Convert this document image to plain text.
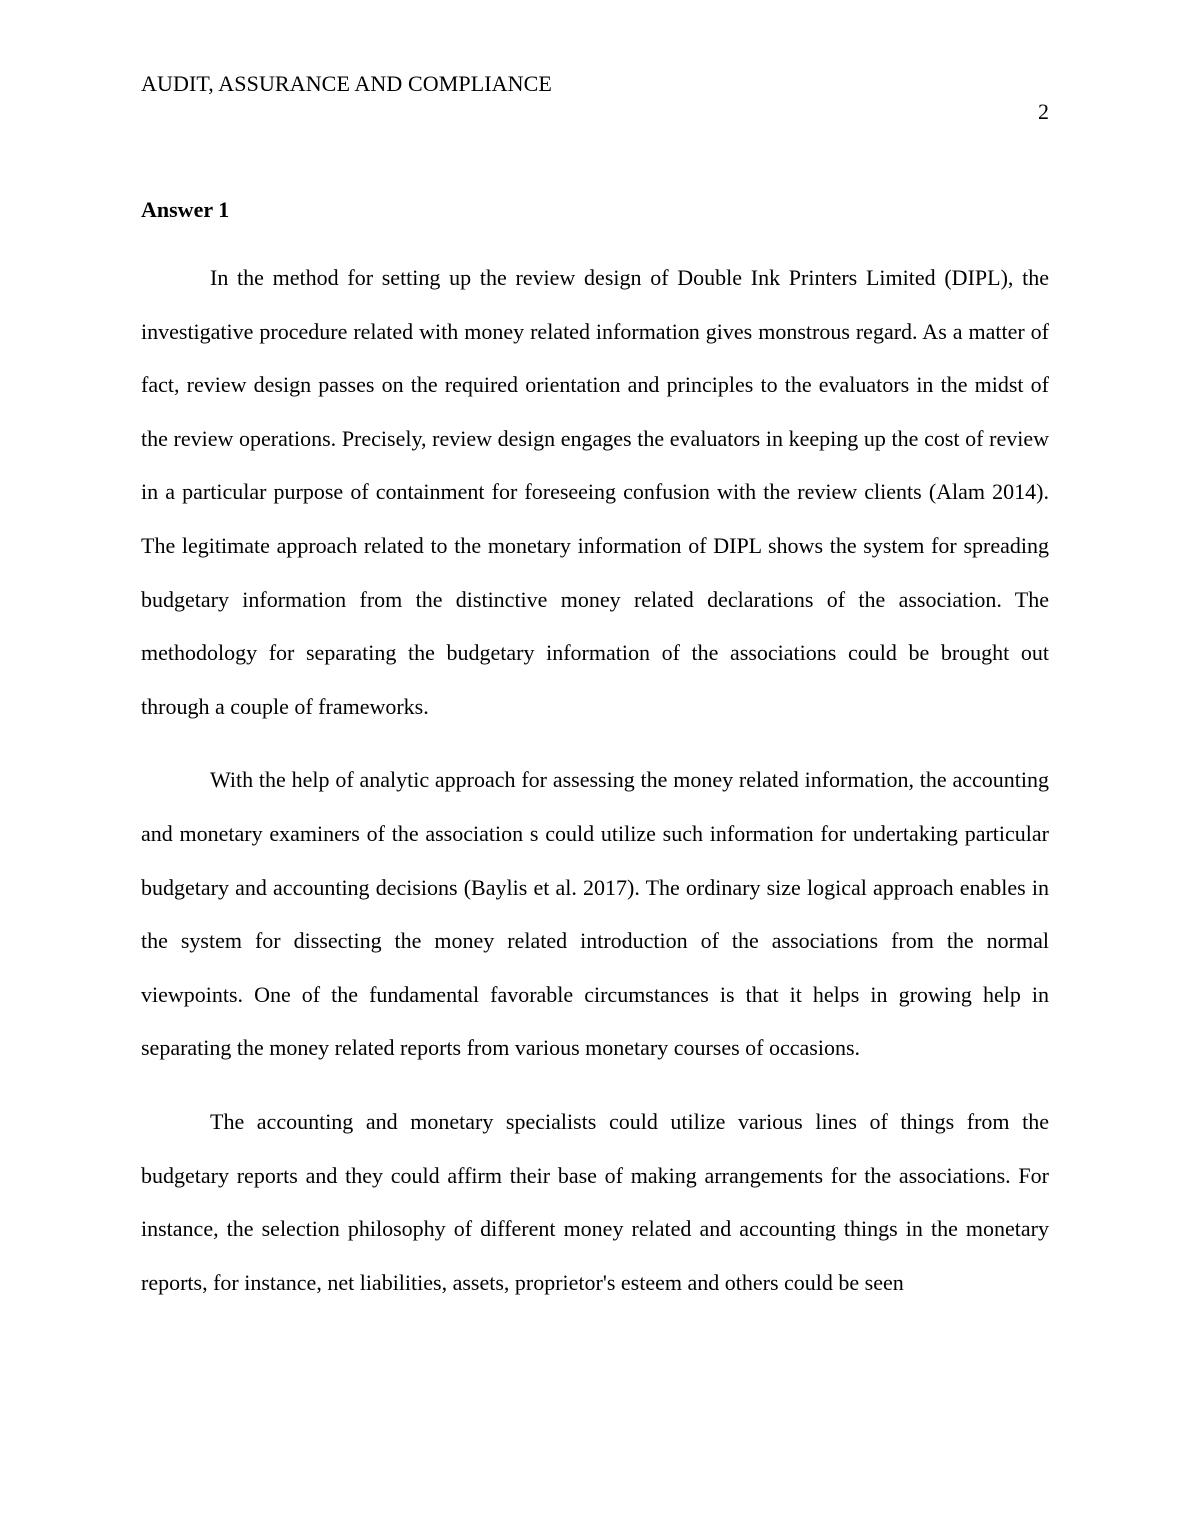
AUDIT, ASSURANCE AND COMPLIANCE
2
Answer 1

In the method for setting up the review design of Double Ink Printers Limited (DIPL), the investigative procedure related with money related information gives monstrous regard. As a matter of fact, review design passes on the required orientation and principles to the evaluators in the midst of the review operations. Precisely, review design engages the evaluators in keeping up the cost of review in a particular purpose of containment for foreseeing confusion with the review clients (Alam 2014). The legitimate approach related to the monetary information of DIPL shows the system for spreading budgetary information from the distinctive money related declarations of the association. The methodology for separating the budgetary information of the associations could be brought out through a couple of frameworks.

With the help of analytic approach for assessing the money related information, the accounting and monetary examiners of the association s could utilize such information for undertaking particular budgetary and accounting decisions (Baylis et al. 2017). The ordinary size logical approach enables in the system for dissecting the money related introduction of the associations from the normal viewpoints. One of the fundamental favorable circumstances is that it helps in growing help in separating the money related reports from various monetary courses of occasions.

The accounting and monetary specialists could utilize various lines of things from the budgetary reports and they could affirm their base of making arrangements for the associations. For instance, the selection philosophy of different money related and accounting things in the monetary reports, for instance, net liabilities, assets, proprietor's esteem and others could be seen
